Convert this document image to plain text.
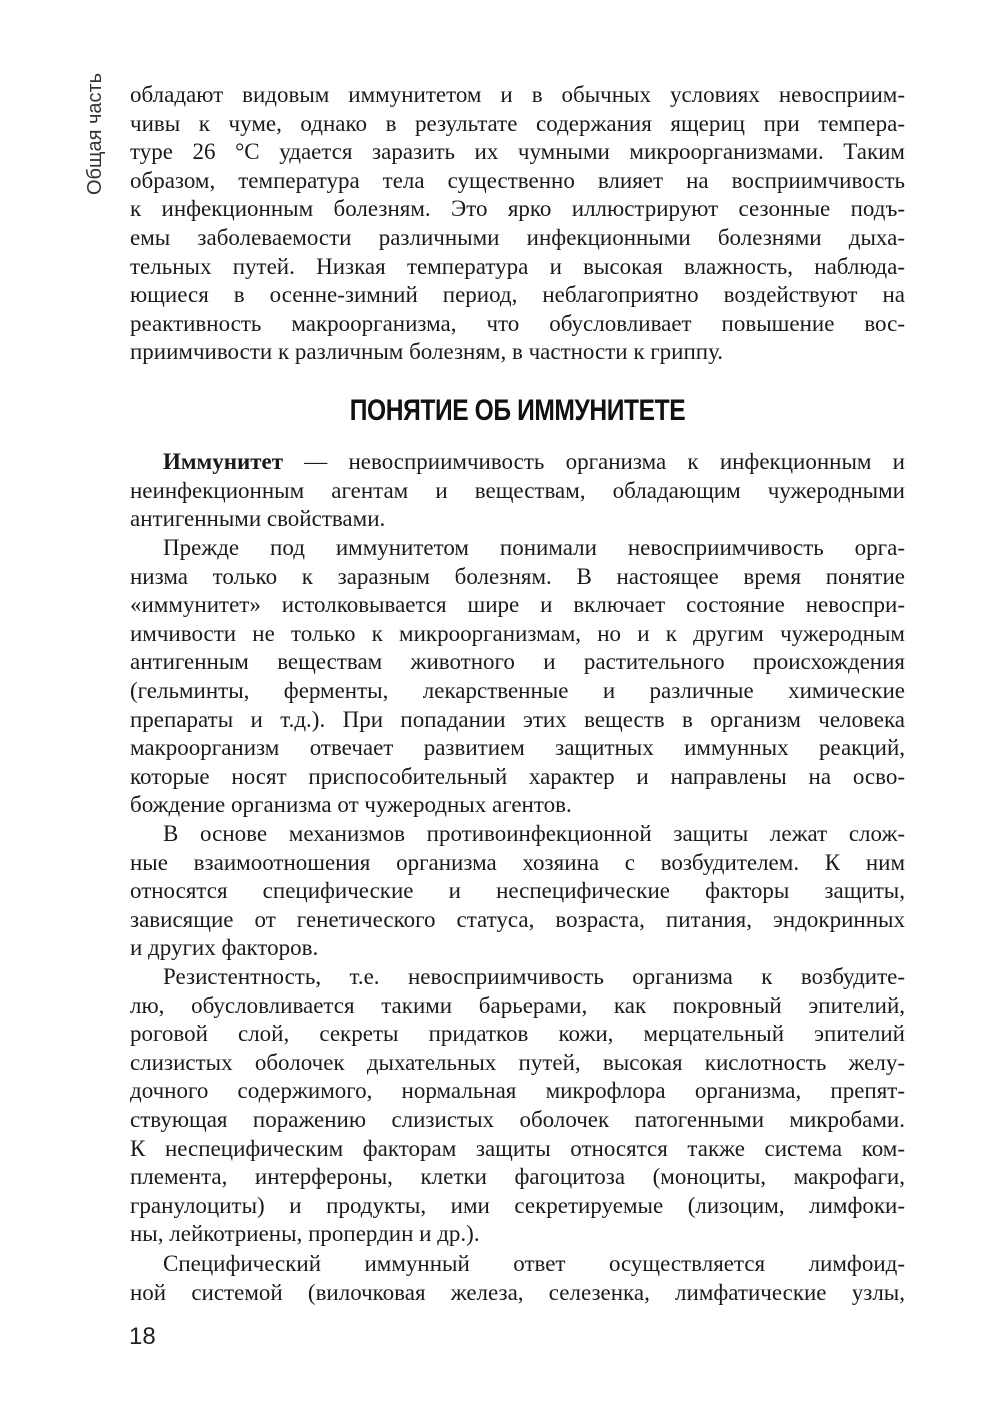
Общая часть обладают видовым иммунитетом и в обычных условиях невосприим-
чивы к чуме, однако в результате содержания ящериц при темпера-
туре 26 °С удается заразить их чумными микроорганизмами. Таким
образом, температура тела существенно влияет на восприимчивость
к инфекционным болезням. Это ярко иллюстрируют сезонные подъ-
емы заболеваемости различными инфекционными болезнями дыха-
тельных путей. Низкая температура и высокая влажность, наблюда-
ющиеся в осенне-зимний период, неблагоприятно воздействуют на
реактивность макроорганизма, что обусловливает повышение вос-
приимчивости к различным болезням, в частности к гриппу.
ПОНЯТИЕ ОБ ИММУНИТЕТЕ
Иммунитет — невосприимчивость организма к инфекционным и
неинфекционным агентам и веществам, обладающим чужеродными
антигенными свойствами.
Прежде под иммунитетом понимали невосприимчивость орга-
низма только к заразным болезням. В настоящее время понятие
«иммунитет» истолковывается шире и включает состояние невоспри-
имчивости не только к микроорганизмам, но и к другим чужеродным
антигенным веществам животного и растительного происхождения
(гельминты, ферменты, лекарственные и различные химические
препараты и т.д.). При попадании этих веществ в организм человека
макроорганизм отвечает развитием защитных иммунных реакций,
которые носят приспособительный характер и направлены на осво-
бождение организма от чужеродных агентов.
В основе механизмов противоинфекционной защиты лежат слож-
ные взаимоотношения организма хозяина с возбудителем. К ним
относятся специфические и неспецифические факторы защиты,
зависящие от генетического статуса, возраста, питания, эндокринных
и других факторов.
Резистентность, т.е. невосприимчивость организма к возбудите-
лю, обусловливается такими барьерами, как покровный эпителий,
роговой слой, секреты придатков кожи, мерцательный эпителий
слизистых оболочек дыхательных путей, высокая кислотность желу-
дочного содержимого, нормальная микрофлора организма, препят-
ствующая поражению слизистых оболочек патогенными микробами.
К неспецифическим факторам защиты относятся также система ком-
племента, интерфероны, клетки фагоцитоза (моноциты, макрофаги,
гранулоциты) и продукты, ими секретируемые (лизоцим, лимфоки-
ны, лейкотриены, пропердин и др.).
Специфический иммунный ответ осуществляется лимфоид-
ной системой (вилочковая железа, селезенка, лимфатические узлы,
18
